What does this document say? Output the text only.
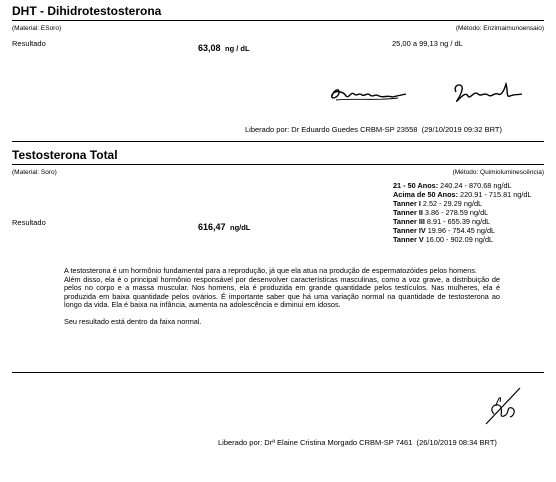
DHT - Dihidrotestosterona
(Material: ESoro)	(Método: Enzimaimunoensaio)
Resultado	63,08 ng / dL
25,00 a 99,13 ng / dL
Liberado por: Dr Eduardo Guedes CRBM-SP 23558 (29/10/2019 09:32 BRT)
Testosterona Total
(Material: Soro)	(Método: Quimioluminescência)
21 - 50 Anos: 240.24 - 870.68 ng/dL
Acima de 50 Anos: 220.91 - 715.81 ng/dL
Tanner I 2.52 - 29.29 ng/dL
Tanner II 3.86 - 278.59 ng/dL
Tanner III 8.91 - 655.39 ng/dL
Tanner IV 19.96 - 754.45 ng/dL
Tanner V 16.00 - 902.09 ng/dL
Resultado	616,47 ng/dL

A testosterona é um hormônio fundamental para a reprodução, já que ela atua na produção de espermatozóides pelos homens.

Além disso, ela é o principal hormônio responsável por desenvolver características masculinas, como a voz grave, a distribuição de pelos no corpo e a massa muscular. Nos homens, ela é produzida em grande quantidade pelos testículos. Nas mulheres, ela é produzida em baixa quantidade pelos ovários. É importante saber que há uma variação normal na quantidade de testosterona ao longo da vida. Ela é baixa na infância, aumenta na adolescência e diminui em idosos.

Seu resultado está dentro da faixa normal.

Liberado por: Drª Elaine Cristina Morgado CRBM-SP 7461 (26/10/2019 08:34 BRT)
